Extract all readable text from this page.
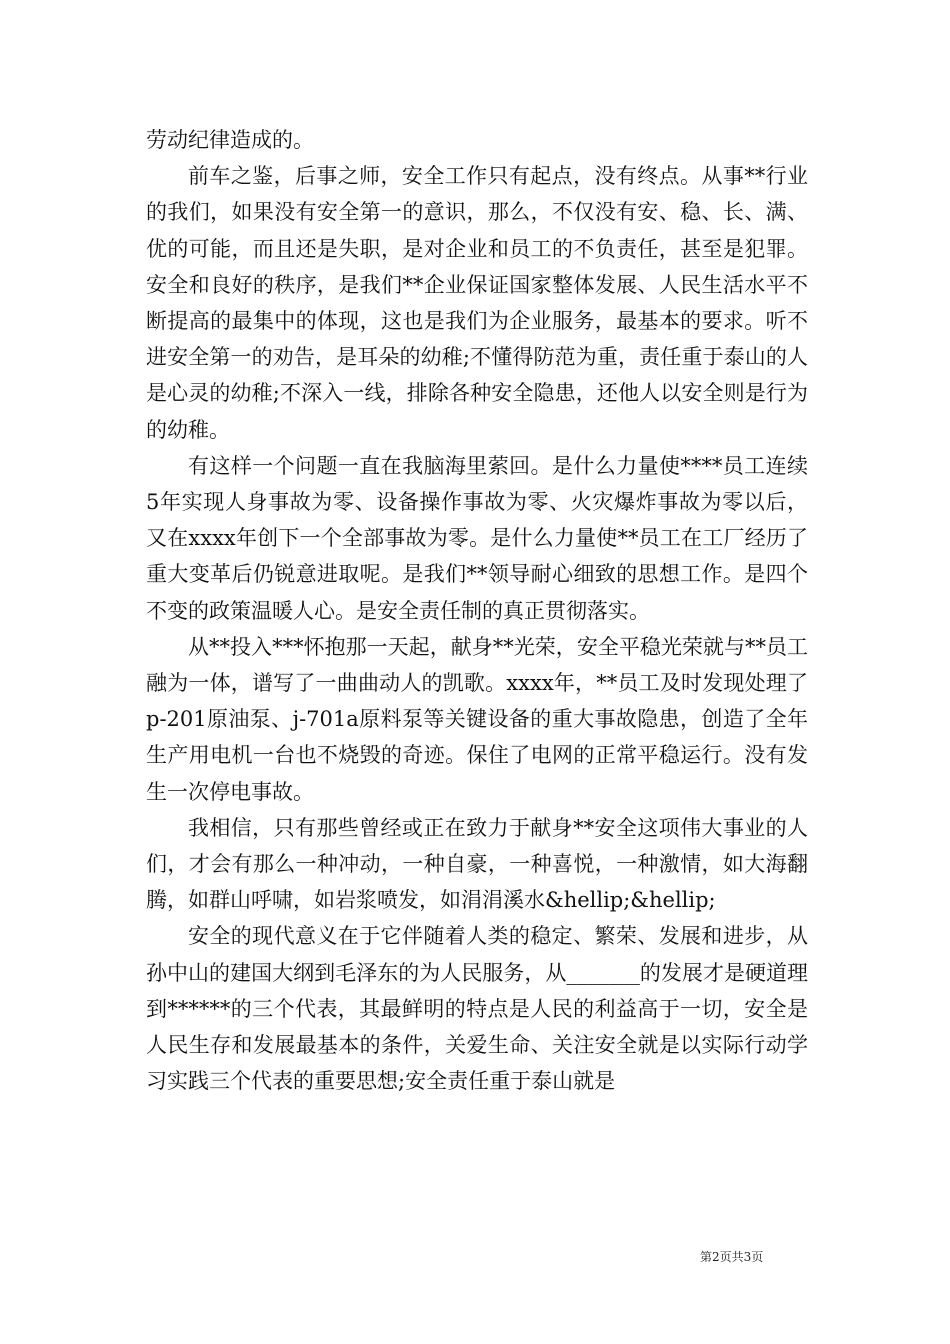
劳动纪律造成的。

前车之鉴，后事之师，安全工作只有起点，没有终点。从事**行业的我们，如果没有安全第一的意识，那么，不仅没有安、稳、长、满、优的可能，而且还是失职，是对企业和员工的不负责任，甚至是犯罪。安全和良好的秩序，是我们**企业保证国家整体发展、人民生活水平不断提高的最集中的体现，这也是我们为企业服务，最基本的要求。听不进安全第一的劝告，是耳朵的幼稚;不懂得防范为重，责任重于泰山的人是心灵的幼稚;不深入一线，排除各种安全隐患，还他人以安全则是行为的幼稚。

有这样一个问题一直在我脑海里萦回。是什么力量使****员工连续5年实现人身事故为零、设备操作事故为零、火灾爆炸事故为零以后，又在xxxx年创下一个全部事故为零。是什么力量使**员工在工厂经历了重大变革后仍锐意进取呢。是我们**领导耐心细致的思想工作。是四个不变的政策温暖人心。是安全责任制的真正贯彻落实。

从**投入***怀抱那一天起，献身**光荣，安全平稳光荣就与**员工融为一体，谱写了一曲曲动人的凯歌。xxxx年，**员工及时发现处理了p-201原油泵、j-701a原料泵等关键设备的重大事故隐患，创造了全年生产用电机一台也不烧毁的奇迹。保住了电网的正常平稳运行。没有发生一次停电事故。

我相信，只有那些曾经或正在致力于献身**安全这项伟大事业的人们，才会有那么一种冲动，一种自豪，一种喜悦，一种激情，如大海翻腾，如群山呼啸，如岩浆喷发，如涓涓溪水&hellip;&hellip;

安全的现代意义在于它伴随着人类的稳定、繁荣、发展和进步，从孙中山的建国大纲到毛泽东的为人民服务，从_______的发展才是硬道理到******的三个代表，其最鲜明的特点是人民的利益高于一切，安全是人民生存和发展最基本的条件，关爱生命、关注安全就是以实际行动学习实践三个代表的重要思想;安全责任重于泰山就是

第2页共3页
